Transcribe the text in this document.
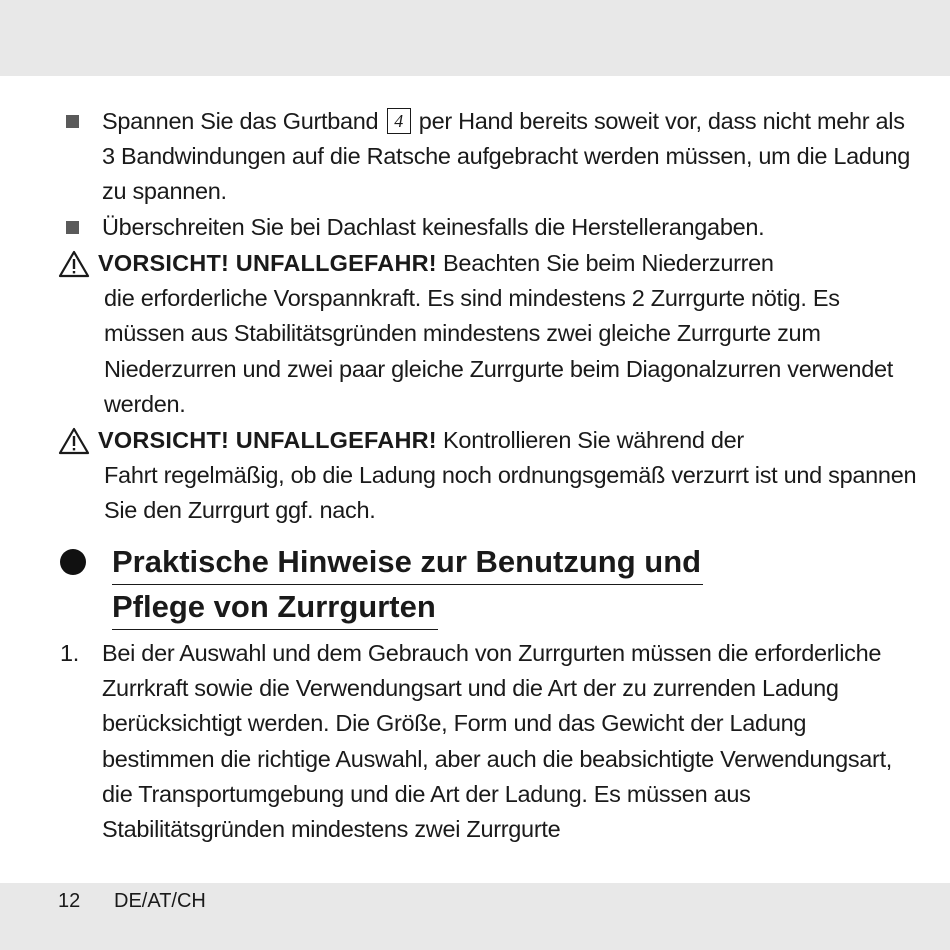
Spannen Sie das Gurtband 4 per Hand bereits soweit vor, dass nicht mehr als 3 Bandwindungen auf die Ratsche aufgebracht werden müssen, um die Ladung zu spannen.
Überschreiten Sie bei Dachlast keinesfalls die Herstellerangaben.
VORSICHT! UNFALLGEFAHR! Beachten Sie beim Niederzurren
die erforderliche Vorspannkraft. Es sind mindestens 2 Zurrgurte nötig. Es müssen aus Stabilitätsgründen mindestens zwei gleiche Zurrgurte zum Niederzurren und zwei paar gleiche Zurrgurte beim Diagonalzurren verwendet werden.
VORSICHT! UNFALLGEFAHR! Kontrollieren Sie während der
Fahrt regelmäßig, ob die Ladung noch ordnungsgemäß verzurrt ist und spannen Sie den Zurrgurt ggf. nach.
Praktische Hinweise zur Benutzung und
Pflege von Zurrgurten
1. Bei der Auswahl und dem Gebrauch von Zurrgurten müssen die erforderliche Zurrkraft sowie die Verwendungsart und die Art der zu zurrenden Ladung berücksichtigt werden. Die Größe, Form und das Gewicht der Ladung bestimmen die richtige Auswahl, aber auch die beabsichtigte Verwendungsart, die Transportumgebung und die Art der Ladung. Es müssen aus Stabilitätsgründen mindestens zwei Zurrgurte
12 DE/AT/CH
